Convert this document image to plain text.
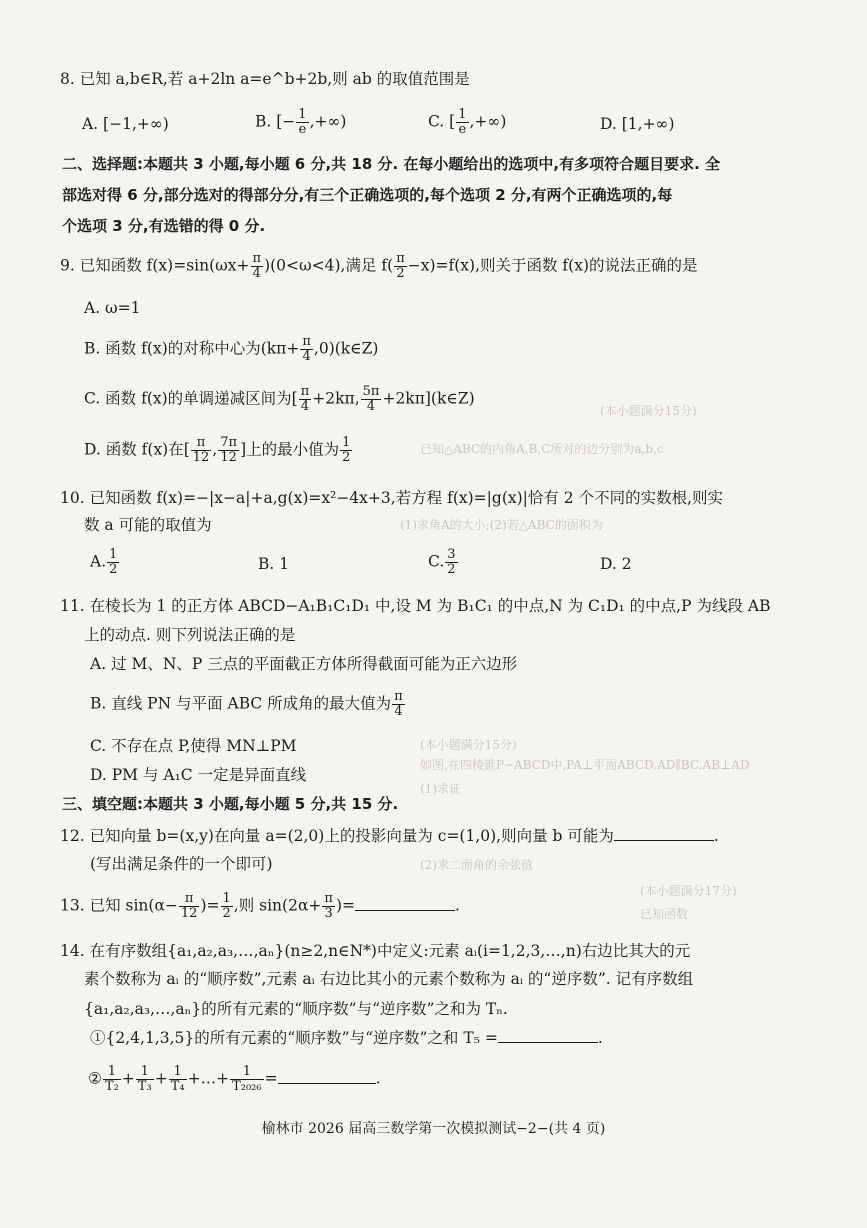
(本小题满分15分)
已知△ABC的内角A,B,C所对的边分别为a,b,c
(1)求角A的大小;(2)若△ABC的面积为
(本小题满分15分)
如图,在四棱锥P−ABCD中,PA⊥平面ABCD,AD∥BC,AB⊥AD
(1)求证
(2)求二面角的余弦值
(本小题满分17分)
已知函数
8. 已知 a,b∈R,若 a+2ln a=e^b+2b,则 ab 的取值范围是
A. [−1,+∞)	B. [− $\frac{1}{e}$ ,+∞)	C. [ $\frac{1}{e}$ ,+∞)	D. [1,+∞)
二、选择题:本题共 3 小题,每小题 6 分,共 18 分. 在每小题给出的选项中,有多项符合题目要求. 全
部选对得 6 分,部分选对的得部分分,有三个正确选项的,每个选项 2 分,有两个正确选项的,每
个选项 3 分,有选错的得 0 分.
9. 已知函数 $f(x)=\sin(\omega x+ \frac{\pi}{4} )(0<\omega<4)$,满足 $f( \frac{\pi}{2} -x)=f(x)$,则关于函数 f(x)的说法正确的是
A. ω=1
B. 函数 f(x)的对称中心为($k\pi+ \frac{\pi}{4}$ ,0)(k∈Z)
C. 函数 f(x)的单调递减区间为[ $\frac{\pi}{4} +2k\pi$, $\frac{5\pi}{4}$ +2kπ](k∈Z)
D. 函数 f(x)在[ $\frac{\pi}{12}$ , $\frac{7\pi}{12}$ ]上的最小值为 $\frac{1}{2}$
10. 已知函数 f(x)=−|x−a|+a,g(x)=x²−4x+3,若方程 f(x)=|g(x)|恰有 2 个不同的实数根,则实
数 a 可能的取值为
A. $\frac{1}{2}$	B. 1	C. $\frac{3}{2}$	D. 2
11. 在棱长为 1 的正方体 ABCD−A₁B₁C₁D₁ 中,设 M 为 B₁C₁ 的中点,N 为 C₁D₁ 的中点,P 为线段 AB
上的动点. 则下列说法正确的是
A. 过 M、N、P 三点的平面截正方体所得截面可能为正六边形
B. 直线 PN 与平面 ABC 所成角的最大值为 $\frac{\pi}{4}$
C. 不存在点 P,使得 MN⊥PM
D. PM 与 A₁C 一定是异面直线
三、填空题:本题共 3 小题,每小题 5 分,共 15 分.
12. 已知向量 b=(x,y)在向量 a=(2,0)上的投影向量为 c=(1,0),则向量 b 可能为	.
(写出满足条件的一个即可)
13. 已知 $\sin(\alpha- \frac{\pi}{12}$ )= $\frac{1}{2}$ ,则 $\sin(2\alpha+ \frac{\pi}{3}$ )=	.
14. 在有序数组{a₁,a₂,a₃,…,aₙ}(n≥2,n∈N*)中定义:元素 aᵢ(i=1,2,3,…,n)右边比其大的元
素个数称为 aᵢ 的“顺序数”,元素 aᵢ 右边比其小的元素个数称为 aᵢ 的“逆序数”. 记有序数组
{a₁,a₂,a₃,…,aₙ}的所有元素的“顺序数”与“逆序数”之和为 Tₙ.
①{2,4,1,3,5}的所有元素的“顺序数”与“逆序数”之和 T₅ =	.
② $\frac{1}{\text{T₂}} + \frac{1}{\text{T₃}} + \frac{1}{\text{T₄}}$ +…+ $\frac{1}{\text{T₂₀₂₆}}$ =	.
榆林市 2026 届高三数学第一次模拟测试−2−(共 4 页)
